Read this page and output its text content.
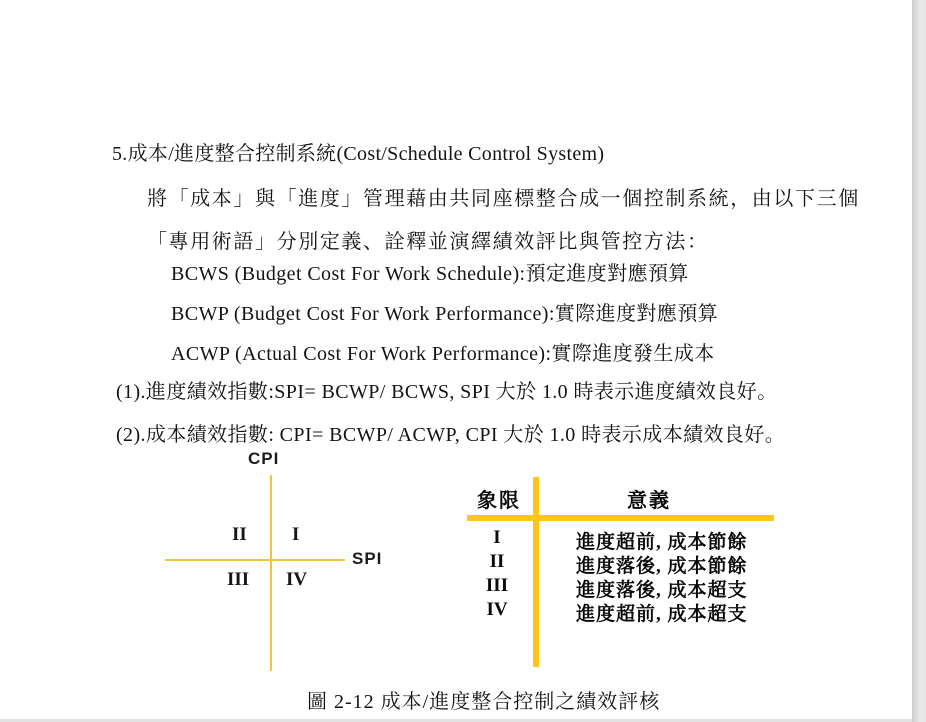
5.成本/進度整合控制系統(Cost/Schedule Control System)
將「成本」與「進度」管理藉由共同座標整合成一個控制系統，由以下三個
「專用術語」分別定義、詮釋並演繹績效評比與管控方法：
BCWS (Budget Cost For Work Schedule):預定進度對應預算
BCWP (Budget Cost For Work Performance):實際進度對應預算
ACWP (Actual Cost For Work Performance):實際進度發生成本
(1).進度績效指數:SPI= BCWP/ BCWS, SPI 大於 1.0 時表示進度績效良好。
(2).成本績效指數: CPI= BCWP/ ACWP, CPI 大於 1.0 時表示成本績效良好。
CPI
SPI
II I
III IV
象限	意義
I	進度超前, 成本節餘
II	進度落後, 成本節餘
III	進度落後, 成本超支
IV	進度超前, 成本超支
圖 2-12 成本/進度整合控制之績效評核
